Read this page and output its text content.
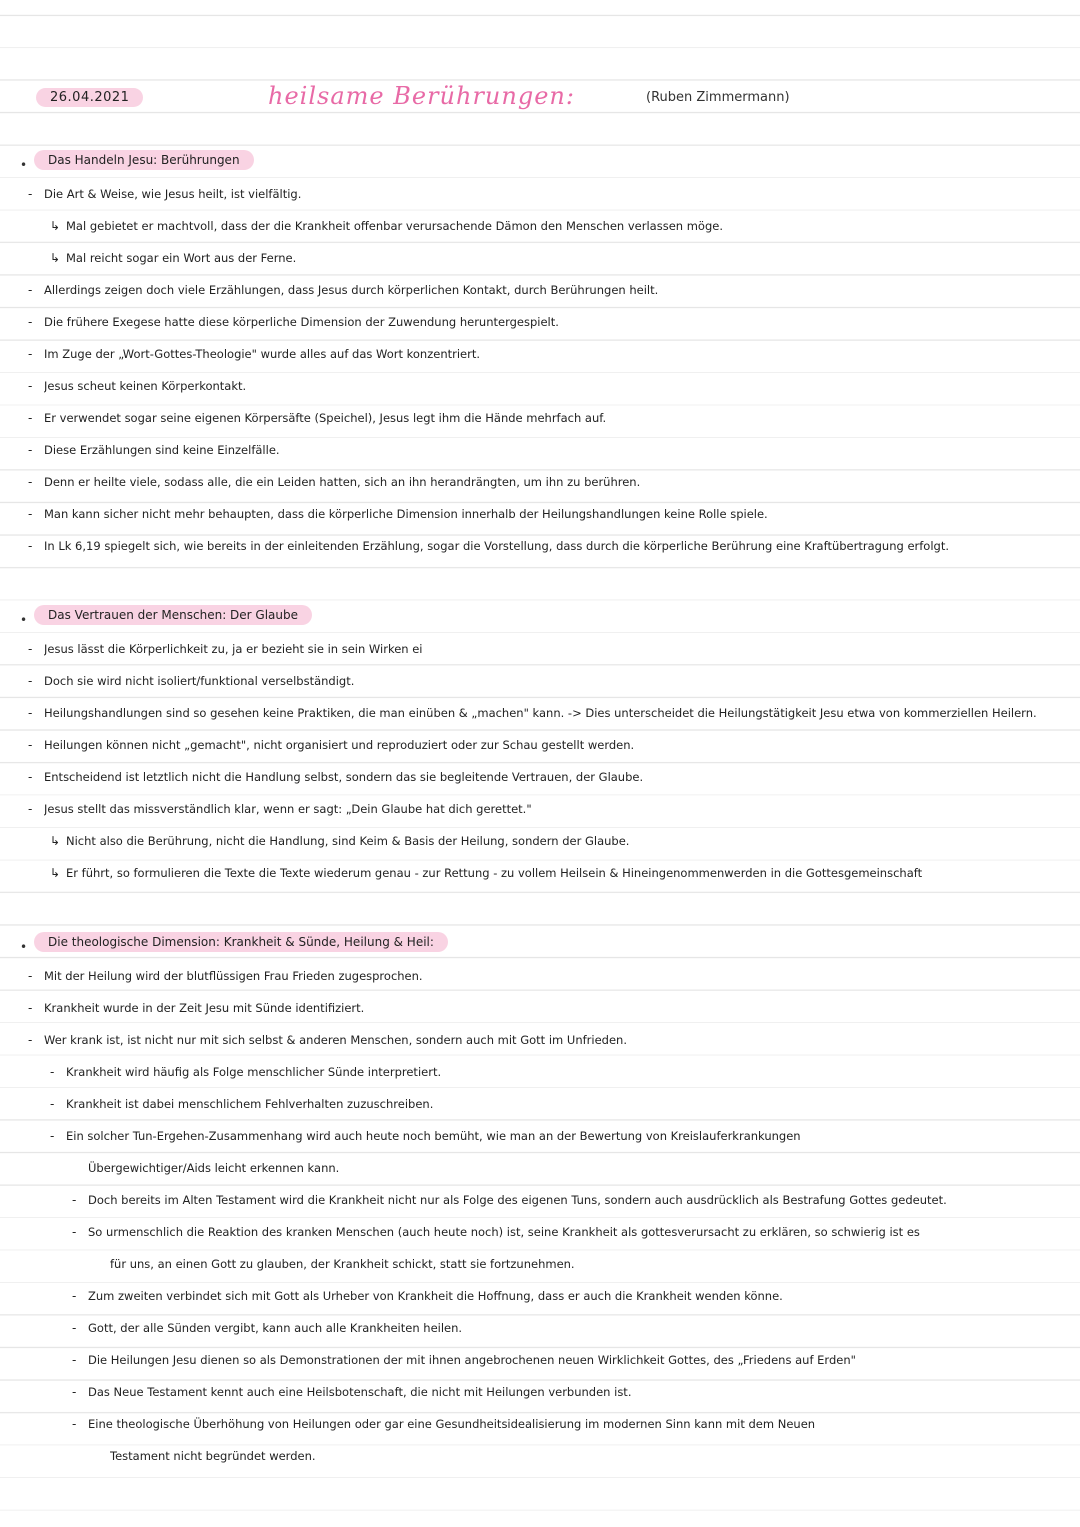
26.04.2021	heilsame Berührungen:	(Ruben Zimmermann)
•	Das Handeln Jesu: Berührungen
- Die Art & Weise, wie Jesus heilt, ist vielfältig.
↳ Mal gebietet er machtvoll, dass der die Krankheit offenbar verursachende Dämon den Menschen verlassen möge.
↳ Mal reicht sogar ein Wort aus der Ferne.
- Allerdings zeigen doch viele Erzählungen, dass Jesus durch körperlichen Kontakt, durch Berührungen heilt.
- Die frühere Exegese hatte diese körperliche Dimension der Zuwendung heruntergespielt.
- Im Zuge der „Wort-Gottes-Theologie" wurde alles auf das Wort konzentriert.
- Jesus scheut keinen Körperkontakt.
- Er verwendet sogar seine eigenen Körpersäfte (Speichel), Jesus legt ihm die Hände mehrfach auf.
- Diese Erzählungen sind keine Einzelfälle.
- Denn er heilte viele, sodass alle, die ein Leiden hatten, sich an ihn herandrängten, um ihn zu berühren.
- Man kann sicher nicht mehr behaupten, dass die körperliche Dimension innerhalb der Heilungshandlungen keine Rolle spiele.
- In Lk 6,19 spiegelt sich, wie bereits in der einleitenden Erzählung, sogar die Vorstellung, dass durch die körperliche Berührung eine Kraftübertragung erfolgt.
•	Das Vertrauen der Menschen: Der Glaube
- Jesus lässt die Körperlichkeit zu, ja er bezieht sie in sein Wirken ei
- Doch sie wird nicht isoliert/funktional verselbständigt.
- Heilungshandlungen sind so gesehen keine Praktiken, die man einüben & „machen" kann. -> Dies unterscheidet die Heilungstätigkeit Jesu etwa von kommerziellen Heilern.
- Heilungen können nicht „gemacht", nicht organisiert und reproduziert oder zur Schau gestellt werden.
- Entscheidend ist letztlich nicht die Handlung selbst, sondern das sie begleitende Vertrauen, der Glaube.
- Jesus stellt das missverständlich klar, wenn er sagt: „Dein Glaube hat dich gerettet."
↳ Nicht also die Berührung, nicht die Handlung, sind Keim & Basis der Heilung, sondern der Glaube.
↳ Er führt, so formulieren die Texte die Texte wiederum genau - zur Rettung - zu vollem Heilsein & Hineingenommenwerden in die Gottesgemeinschaft
•	Die theologische Dimension: Krankheit & Sünde, Heilung & Heil:
- Mit der Heilung wird der blutflüssigen Frau Frieden zugesprochen.
- Krankheit wurde in der Zeit Jesu mit Sünde identifiziert.
- Wer krank ist, ist nicht nur mit sich selbst & anderen Menschen, sondern auch mit Gott im Unfrieden.
- Krankheit wird häufig als Folge menschlicher Sünde interpretiert.
- Krankheit ist dabei menschlichem Fehlverhalten zuzuschreiben.
- Ein solcher Tun-Ergehen-Zusammenhang wird auch heute noch bemüht, wie man an der Bewertung von Kreislauferkrankungen
Übergewichtiger/Aids leicht erkennen kann.
- Doch bereits im Alten Testament wird die Krankheit nicht nur als Folge des eigenen Tuns, sondern auch ausdrücklich als Bestrafung Gottes gedeutet.
- So urmenschlich die Reaktion des kranken Menschen (auch heute noch) ist, seine Krankheit als gottesverursacht zu erklären, so schwierig ist es
für uns, an einen Gott zu glauben, der Krankheit schickt, statt sie fortzunehmen.
- Zum zweiten verbindet sich mit Gott als Urheber von Krankheit die Hoffnung, dass er auch die Krankheit wenden könne.
- Gott, der alle Sünden vergibt, kann auch alle Krankheiten heilen.
- Die Heilungen Jesu dienen so als Demonstrationen der mit ihnen angebrochenen neuen Wirklichkeit Gottes, des „Friedens auf Erden"
- Das Neue Testament kennt auch eine Heilsbotenschaft, die nicht mit Heilungen verbunden ist.
- Eine theologische Überhöhung von Heilungen oder gar eine Gesundheitsidealisierung im modernen Sinn kann mit dem Neuen
Testament nicht begründet werden.
